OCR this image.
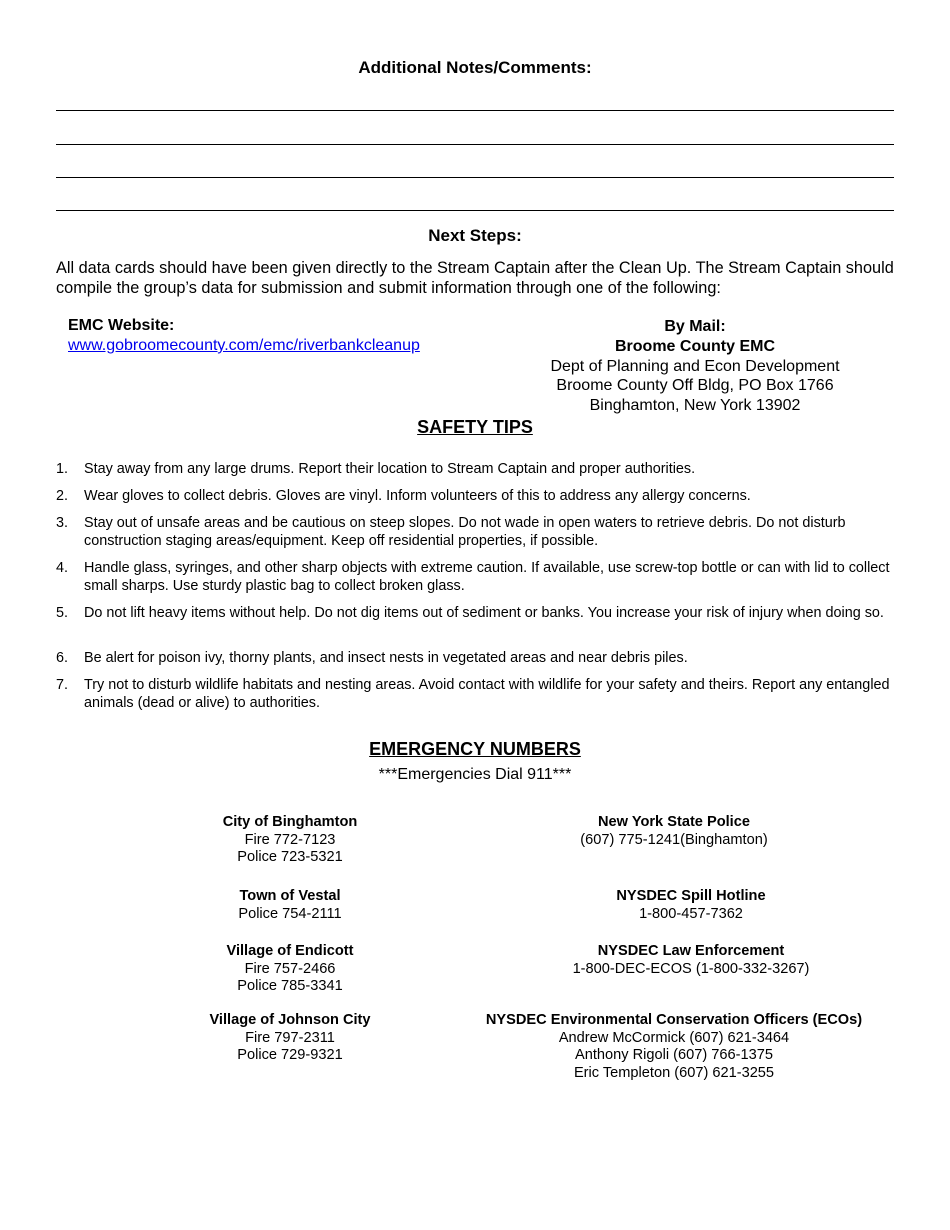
Additional Notes/Comments:
Next Steps:
All data cards should have been given directly to the Stream Captain after the Clean Up. The Stream Captain should compile the group’s data for submission and submit information through one of the following:
EMC Website:
www.gobroomecounty.com/emc/riverbankcleanup
By Mail:
Broome County EMC
Dept of Planning and Econ Development
Broome County Off Bldg, PO Box 1766
Binghamton, New York 13902
SAFETY TIPS
1.	Stay away from any large drums. Report their location to Stream Captain and proper authorities.
2.	Wear gloves to collect debris. Gloves are vinyl. Inform volunteers of this to address any allergy concerns.
3.	Stay out of unsafe areas and be cautious on steep slopes. Do not wade in open waters to retrieve debris. Do not disturb construction staging areas/equipment. Keep off residential properties, if possible.
4.	Handle glass, syringes, and other sharp objects with extreme caution. If available, use screw-top bottle or can with lid to collect small sharps. Use sturdy plastic bag to collect broken glass.
5.	Do not lift heavy items without help. Do not dig items out of sediment or banks. You increase your risk of injury when doing so.
6.	Be alert for poison ivy, thorny plants, and insect nests in vegetated areas and near debris piles.
7.	Try not to disturb wildlife habitats and nesting areas. Avoid contact with wildlife for your safety and theirs. Report any entangled animals (dead or alive) to authorities.
EMERGENCY NUMBERS
***Emergencies Dial 911***
City of Binghamton
Fire 772-7123
Police 723-5321
Town of Vestal
Police 754-2111
Village of Endicott
Fire 757-2466
Police 785-3341
Village of Johnson City
Fire 797-2311
Police 729-9321
New York State Police
(607) 775-1241(Binghamton)
NYSDEC Spill Hotline
1-800-457-7362
NYSDEC Law Enforcement
1-800-DEC-ECOS (1-800-332-3267)
NYSDEC Environmental Conservation Officers (ECOs)
Andrew McCormick (607) 621-3464
Anthony Rigoli (607) 766-1375
Eric Templeton (607) 621-3255
